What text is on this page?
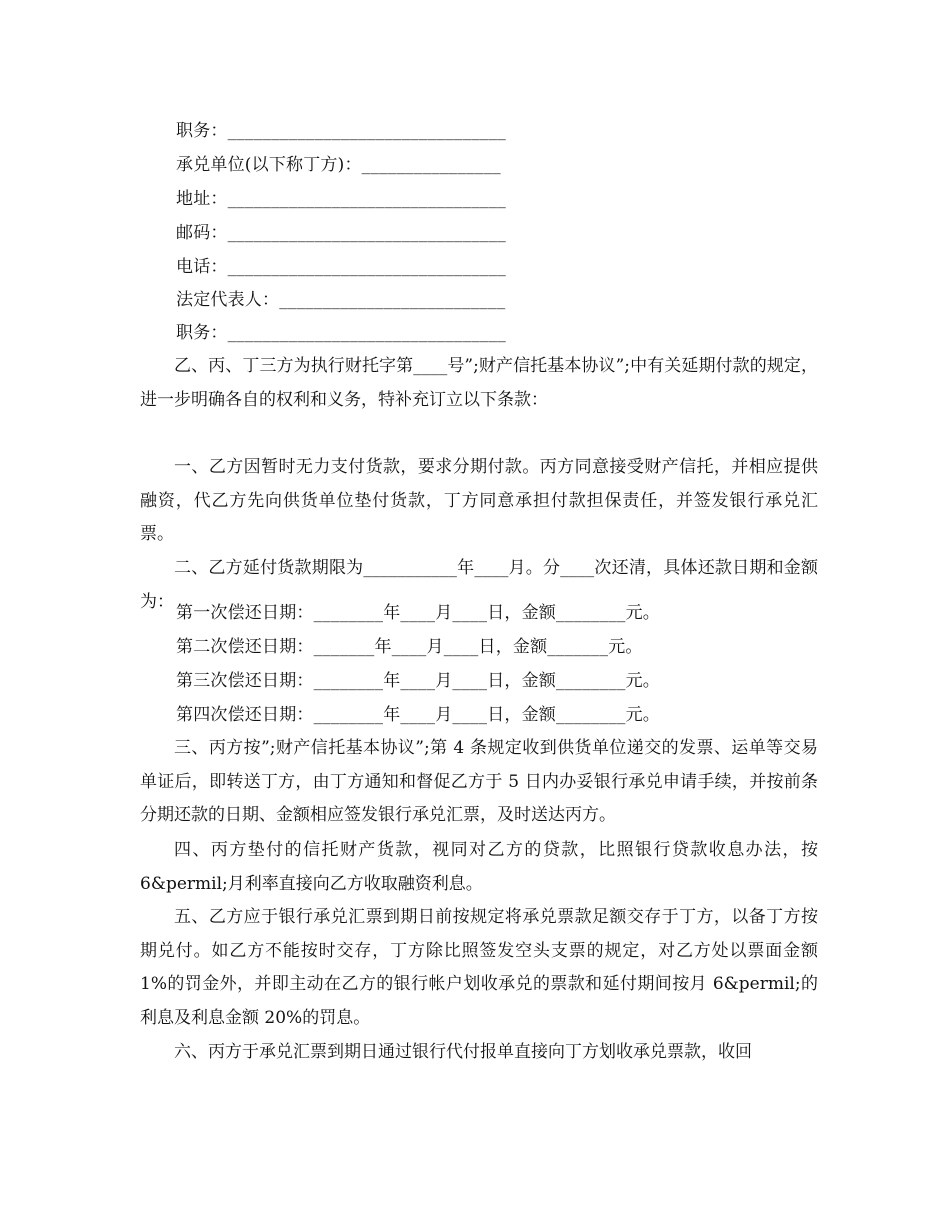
职务：________________________________
承兑单位(以下称丁方)：________________
地址：________________________________
邮码：________________________________
电话：________________________________
法定代表人：__________________________
职务：________________________________
乙、丙、丁三方为执行财托字第____号”;财产信托基本协议”;中有关延期付款的规定，进一步明确各自的权利和义务，特补充订立以下条款：
一、乙方因暂时无力支付货款，要求分期付款。丙方同意接受财产信托，并相应提供融资，代乙方先向供货单位垫付货款，丁方同意承担付款担保责任，并签发银行承兑汇票。
二、乙方延付货款期限为___________年____月。分____次还清，具体还款日期和金额为：
第一次偿还日期：________年____月____日，金额________元。
第二次偿还日期：_______年____月____日，金额_______元。
第三次偿还日期：________年____月____日，金额________元。
第四次偿还日期：________年____月____日，金额________元。
三、丙方按”;财产信托基本协议”;第 4 条规定收到供货单位递交的发票、运单等交易单证后，即转送丁方，由丁方通知和督促乙方于 5 日内办妥银行承兑申请手续，并按前条分期还款的日期、金额相应签发银行承兑汇票，及时送达丙方。
四、丙方垫付的信托财产货款，视同对乙方的贷款，比照银行贷款收息办法，按 6&permil;月利率直接向乙方收取融资利息。
五、乙方应于银行承兑汇票到期日前按规定将承兑票款足额交存于丁方，以备丁方按期兑付。如乙方不能按时交存，丁方除比照签发空头支票的规定，对乙方处以票面金额 1%的罚金外，并即主动在乙方的银行帐户划收承兑的票款和延付期间按月 6&permil;的利息及利息金额 20%的罚息。
六、丙方于承兑汇票到期日通过银行代付报单直接向丁方划收承兑票款，收回
